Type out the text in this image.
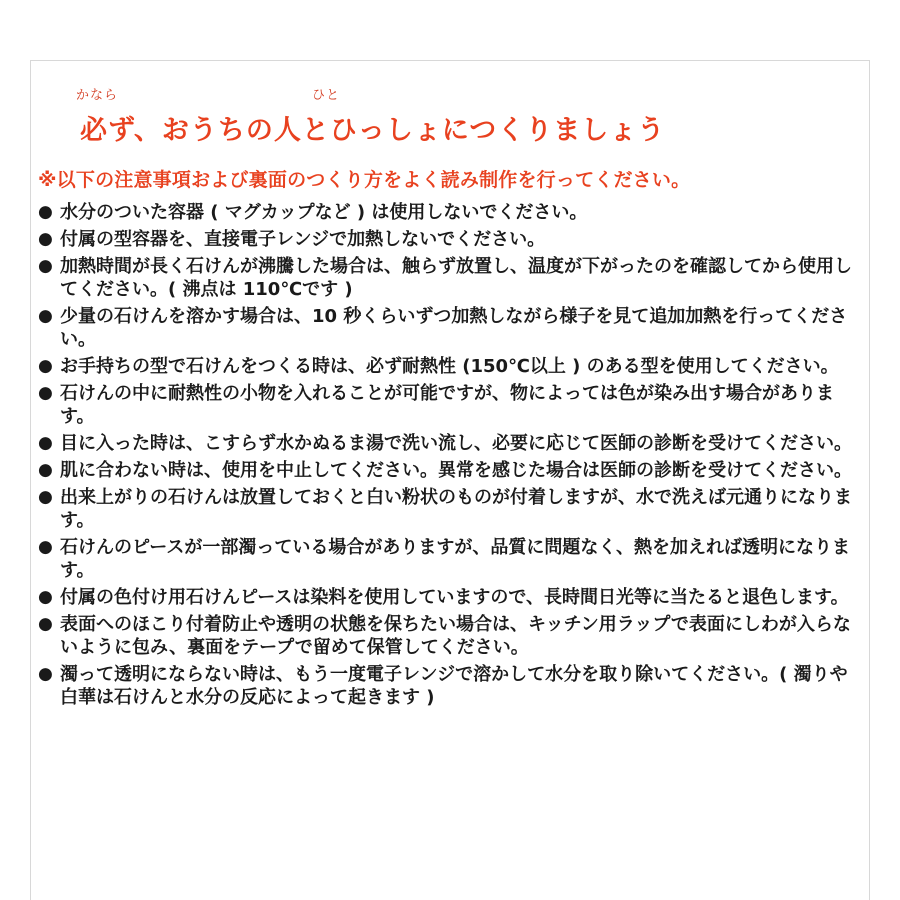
かなら	ひと
必ず、おうちの人とひっしょにつくりましょう
※以下の注意事項および裏面のつくり方をよく読み制作を行ってください。
● 水分のついた容器 ( マグカップなど ) は使用しないでください。
● 付属の型容器を、直接電子レンジで加熱しないでください。
● 加熱時間が長く石けんが沸騰した場合は、触らず放置し、温度が下がったのを確認してから使用してください。( 沸点は 110℃です )
● 少量の石けんを溶かす場合は、10 秒くらいずつ加熱しながら様子を見て追加加熱を行ってください。
● お手持ちの型で石けんをつくる時は、必ず耐熱性 (150℃以上 ) のある型を使用してください。
● 石けんの中に耐熱性の小物を入れることが可能ですが、物によっては色が染み出す場合があります。
● 目に入った時は、こすらず水かぬるま湯で洗い流し、必要に応じて医師の診断を受けてください。
● 肌に合わない時は、使用を中止してください。異常を感じた場合は医師の診断を受けてください。
● 出来上がりの石けんは放置しておくと白い粉状のものが付着しますが、水で洗えば元通りになります。
● 石けんのピースが一部濁っている場合がありますが、品質に問題なく、熱を加えれば透明になります。
● 付属の色付け用石けんピースは染料を使用していますので、長時間日光等に当たると退色します。
● 表面へのほこり付着防止や透明の状態を保ちたい場合は、キッチン用ラップで表面にしわが入らないように包み、裏面をテープで留めて保管してください。
● 濁って透明にならない時は、もう一度電子レンジで溶かして水分を取り除いてください。( 濁りや白華は石けんと水分の反応によって起きます )
